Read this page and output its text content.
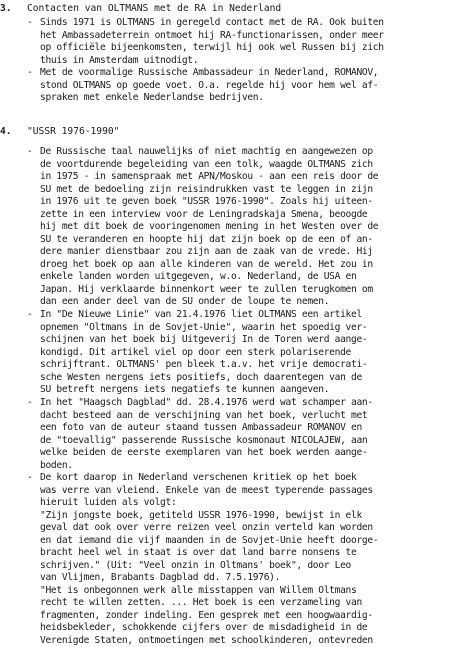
3. Contacten van OLTMANS met de RA in Nederland
- Sinds 1971 is OLTMANS in geregeld contact met de RA. Ook buiten
het Ambassadeterrein ontmoet hij RA-functionarissen, onder meer
op officiële bijeenkomsten, terwijl hij ook wel Russen bij zich
thuis in Amsterdam uitnodigt.
- Met de voormalige Russische Ambassadeur in Nederland, ROMANOV,
stond OLTMANS op goede voet. O.a. regelde hij voor hem wel af-
spraken met enkele Nederlandse bedrijven.
4. "USSR 1976-1990"
- De Russische taal nauwelijks of niet machtig en aangewezen op
de voortdurende begeleiding van een tolk, waagde OLTMANS zich
in 1975 - in samenspraak met APN/Moskou - aan een reis door de
SU met de bedoeling zijn reisindrukken vast te leggen in zijn
in 1976 uit te geven boek "USSR 1976-1990". Zoals hij uiteen-
zette in een interview voor de Leningradskaja Smena, beoogde
hij met dit boek de vooringenomen mening in het Westen over de
SU te veranderen en hoopte hij dat zijn boek op de een of an-
dere manier dienstbaar zou zijn aan de zaak van de vrede. Hij
droeg het boek op aan alle kinderen van de wereld. Het zou in
enkele landen worden uitgegeven, w.o. Nederland, de USA en
Japan. Hij verklaarde binnenkort weer te zullen terugkomen om
dan een ander deel van de SU onder de loupe te nemen.
- In "De Nieuwe Linie" van 21.4.1976 liet OLTMANS een artikel
opnemen "Oltmans in de Sovjet-Unie", waarin het spoedig ver-
schijnen van het boek bij Uitgeverij In de Toren werd aange-
kondigd. Dit artikel viel op door een sterk polariserende
schrijftrant. OLTMANS' pen bleek t.a.v. het vrije democrati-
sche Westen nergens iets positiefs, doch daarentegen van de
SU betreft nergens iets negatiefs te kunnen aangeven.
- In het "Haagsch Dagblad" dd. 28.4.1976 werd wat schamper aan-
dacht besteed aan de verschijning van het boek, verlucht met
een foto van de auteur staand tussen Ambassadeur ROMANOV en
de "toevallig" passerende Russische kosmonaut NICOLAJEW, aan
welke beiden de eerste exemplaren van het boek werden aange-
boden.
- De kort daarop in Nederland verschenen kritiek op het boek
was verre van vleiend. Enkele van de meest typerende passages
hieruit luiden als volgt:
"Zijn jongste boek, getiteld USSR 1976-1990, bewijst in elk
geval dat ook over verre reizen veel onzin verteld kan worden
en dat iemand die vijf maanden in de Sovjet-Unie heeft doorge-
bracht heel wel in staat is over dat land barre nonsens te
schrijven." (Uit: "Veel onzin in Oltmans' boek", door Leo
van Vlijmen, Brabants Dagblad dd. 7.5.1976).
"Het is onbegonnen werk alle misstappen van Willem Oltmans
recht te willen zetten. ... Het boek is een verzameling van
fragmenten, zonder indeling. Een gesprek met een hoogwaardig-
heidsbekleder, schokkende cijfers over de misdadigheid in de
Verenigde Staten, ontmoetingen met schoolkinderen, ontevreden
